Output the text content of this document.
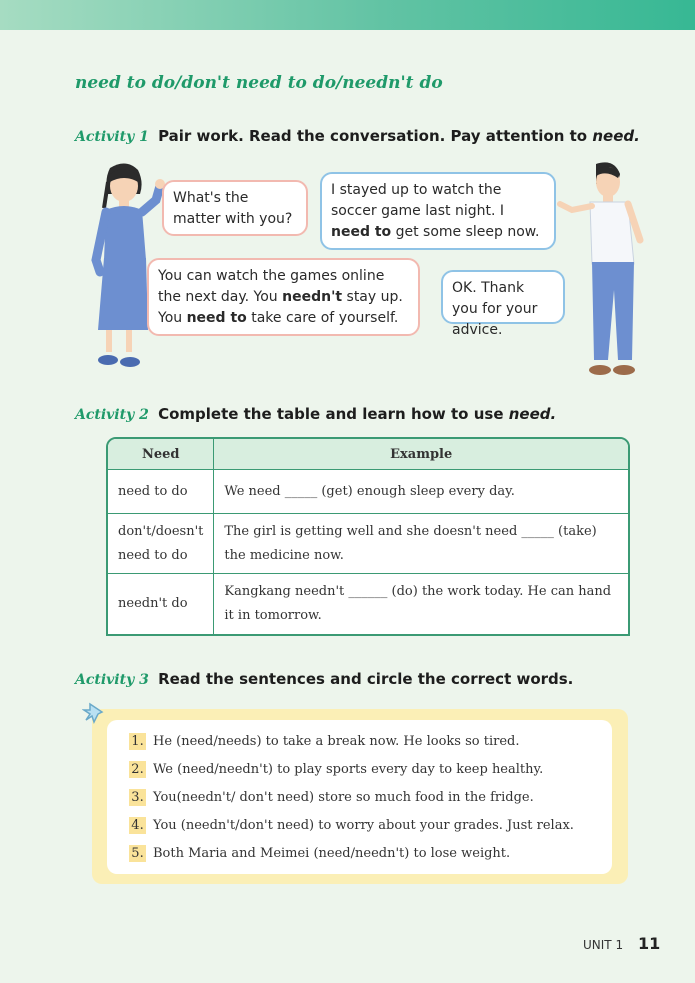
need to do/don't need to do/needn't do
Activity 1 Pair work. Read the conversation. Pay attention to need.
What's the matter with you?
I stayed up to watch the soccer game last night. I need to get some sleep now.
You can watch the games online the next day. You needn't stay up. You need to take care of yourself.
OK. Thank you for your advice.
Activity 2 Complete the table and learn how to use need.
Need	Example
need to do	We need _____ (get) enough sleep every day.
don't/doesn't need to do	The girl is getting well and she doesn't need _____ (take) the medicine now.
needn't do	Kangkang needn't ______ (do) the work today. He can hand it in tomorrow.
Activity 3 Read the sentences and circle the correct words.
1. He (need/needs) to take a break now. He looks so tired.
2. We (need/needn't) to play sports every day to keep healthy.
3. You(needn't/ don't need) store so much food in the fridge.
4. You (needn't/don't need) to worry about your grades. Just relax.
5. Both Maria and Meimei (need/needn't) to lose weight.
UNIT 1 11
